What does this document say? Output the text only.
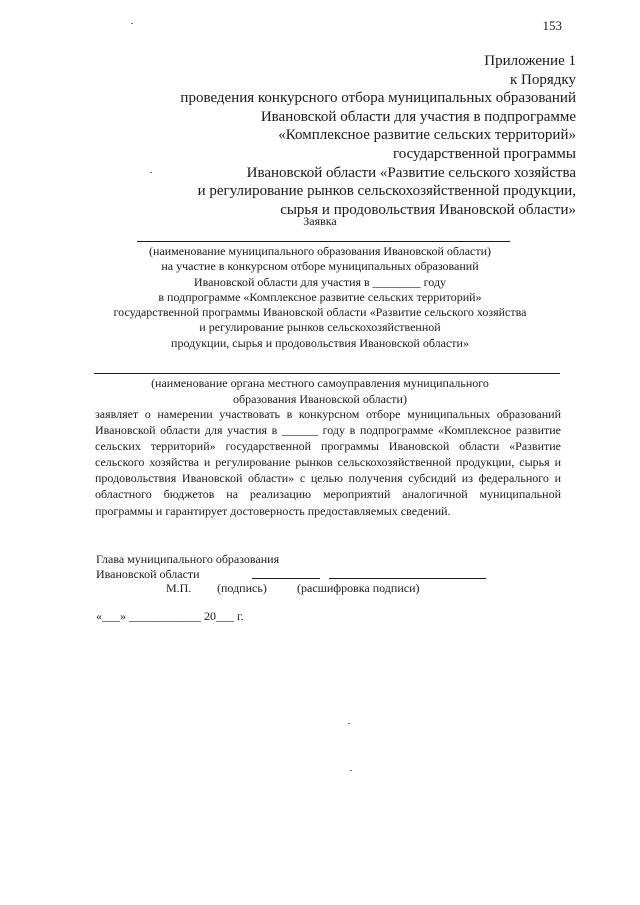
153
Приложение 1
к Порядку
проведения конкурсного отбора муниципальных образований
Ивановской области для участия в подпрограмме
«Комплексное развитие сельских территорий»
государственной программы
Ивановской области «Развитие сельского хозяйства
и регулирование рынков сельскохозяйственной продукции,
сырья и продовольствия Ивановской области»
Заявка
(наименование муниципального образования Ивановской области)
на участие в конкурсном отборе муниципальных образований
Ивановской области для участия в ________ году
в подпрограмме «Комплексное развитие сельских территорий»
государственной программы Ивановской области «Развитие сельского хозяйства
и регулирование рынков сельскохозяйственной
продукции, сырья и продовольствия Ивановской области»
(наименование органа местного самоуправления муниципального
образования Ивановской области)
заявляет о намерении участвовать в конкурсном отборе муниципальных образований Ивановской области для участия в ______ году в подпрограмме «Комплексное развитие сельских территорий» государственной программы Ивановской области «Развитие сельского хозяйства и регулирование рынков сельскохозяйственной продукции, сырья и продовольствия Ивановской области» с целью получения субсидий из федерального и областного бюджетов на реализацию мероприятий аналогичной муниципальной программы и гарантирует достоверность предоставляемых сведений.
Глава муниципального образования
Ивановской области
М.П. (подпись)	(расшифровка подписи)
«___» ____________ 20___ г.
